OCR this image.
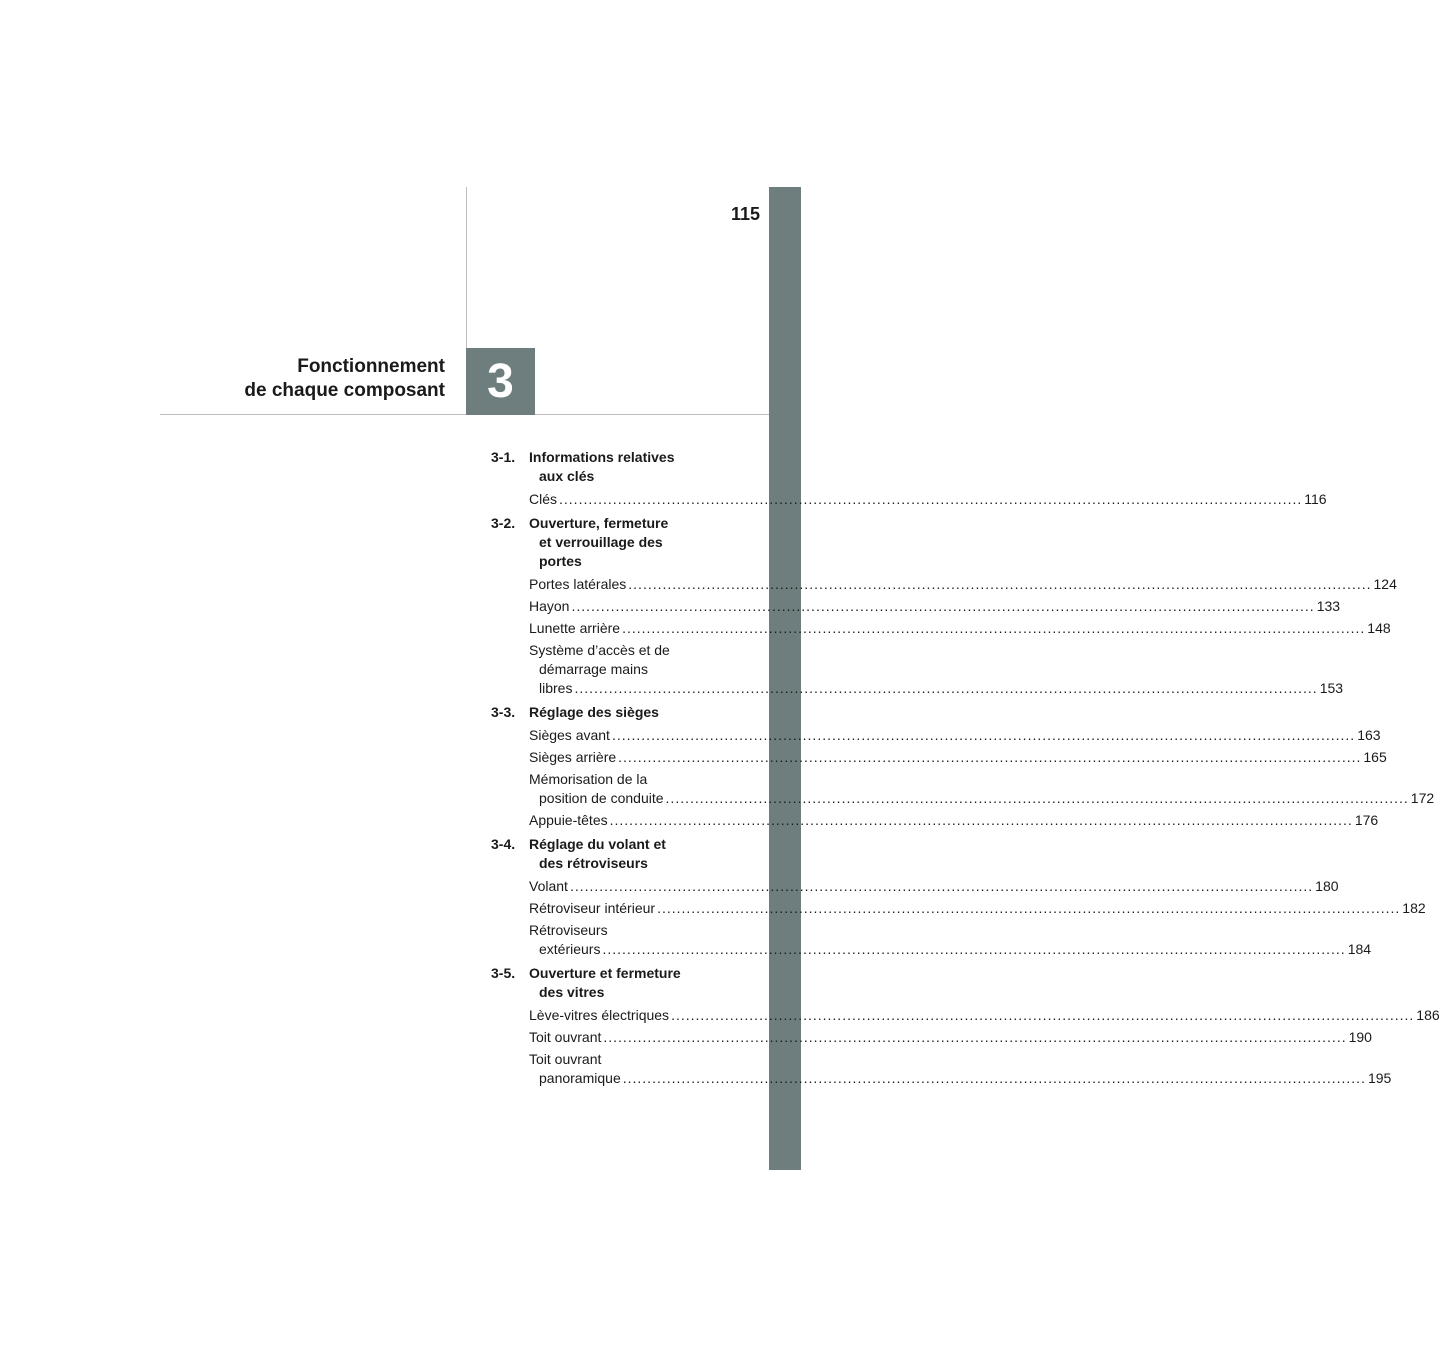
115
3
Fonctionnement
de chaque composant
3-1. Informations relatives
aux clés
Clés .....	116
3-2. Ouverture, fermeture
et verrouillage des
portes
Portes latérales .....	124
Hayon .....	133
Lunette arrière .....	148
Système d’accès et de
démarrage mains
libres .....	153
3-3. Réglage des sièges
Sièges avant .....	163
Sièges arrière .....	165
Mémorisation de la
position de conduite .....	172
Appuie-têtes .....	176
3-4. Réglage du volant et
des rétroviseurs
Volant .....	180
Rétroviseur intérieur .....	182
Rétroviseurs
extérieurs .....	184
3-5. Ouverture et fermeture
des vitres
Lève-vitres électriques .....	186
Toit ouvrant .....	190
Toit ouvrant
panoramique .....	195
